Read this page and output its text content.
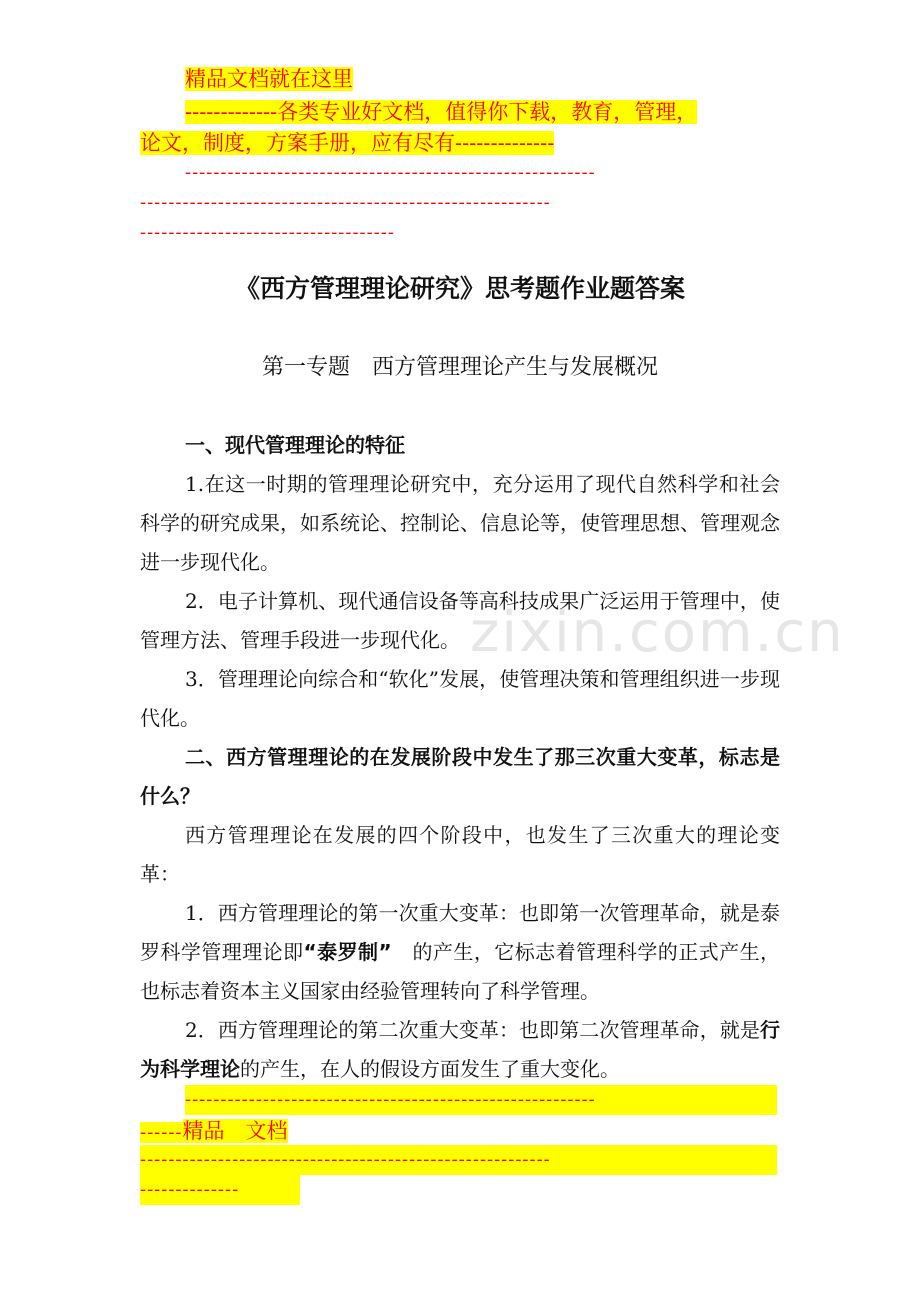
精品文档就在这里
-------------各类专业好文档，值得你下载，教育，管理，
论文，制度，方案手册，应有尽有--------------
----------------------------------------------------------
----------------------------------------------------------
------------------------------------
《西方管理理论研究》思考题作业题答案
第一专题　西方管理理论产生与发展概况
zixin.com.cn
一、现代管理理论的特征
1.在这一时期的管理理论研究中，充分运用了现代自然科学和社会科学的研究成果，如系统论、控制论、信息论等，使管理思想、管理观念进一步现代化。
2．电子计算机、现代通信设备等高科技成果广泛运用于管理中，使管理方法、管理手段进一步现代化。
3．管理理论向综合和“软化”发展，使管理决策和管理组织进一步现代化。
二、西方管理理论的在发展阶段中发生了那三次重大变革，标志是什么？
西方管理理论在发展的四个阶段中，也发生了三次重大的理论变革：
1．西方管理理论的第一次重大变革：也即第一次管理革命，就是泰罗科学管理理论即“泰罗制”　的产生，它标志着管理科学的正式产生，也标志着资本主义国家由经验管理转向了科学管理。
2．西方管理理论的第二次重大变革：也即第二次管理革命，就是行为科学理论的产生，在人的假设方面发生了重大变化。
----------------------------------------------------------
------精品　文档
----------------------------------------------------------
--------------
